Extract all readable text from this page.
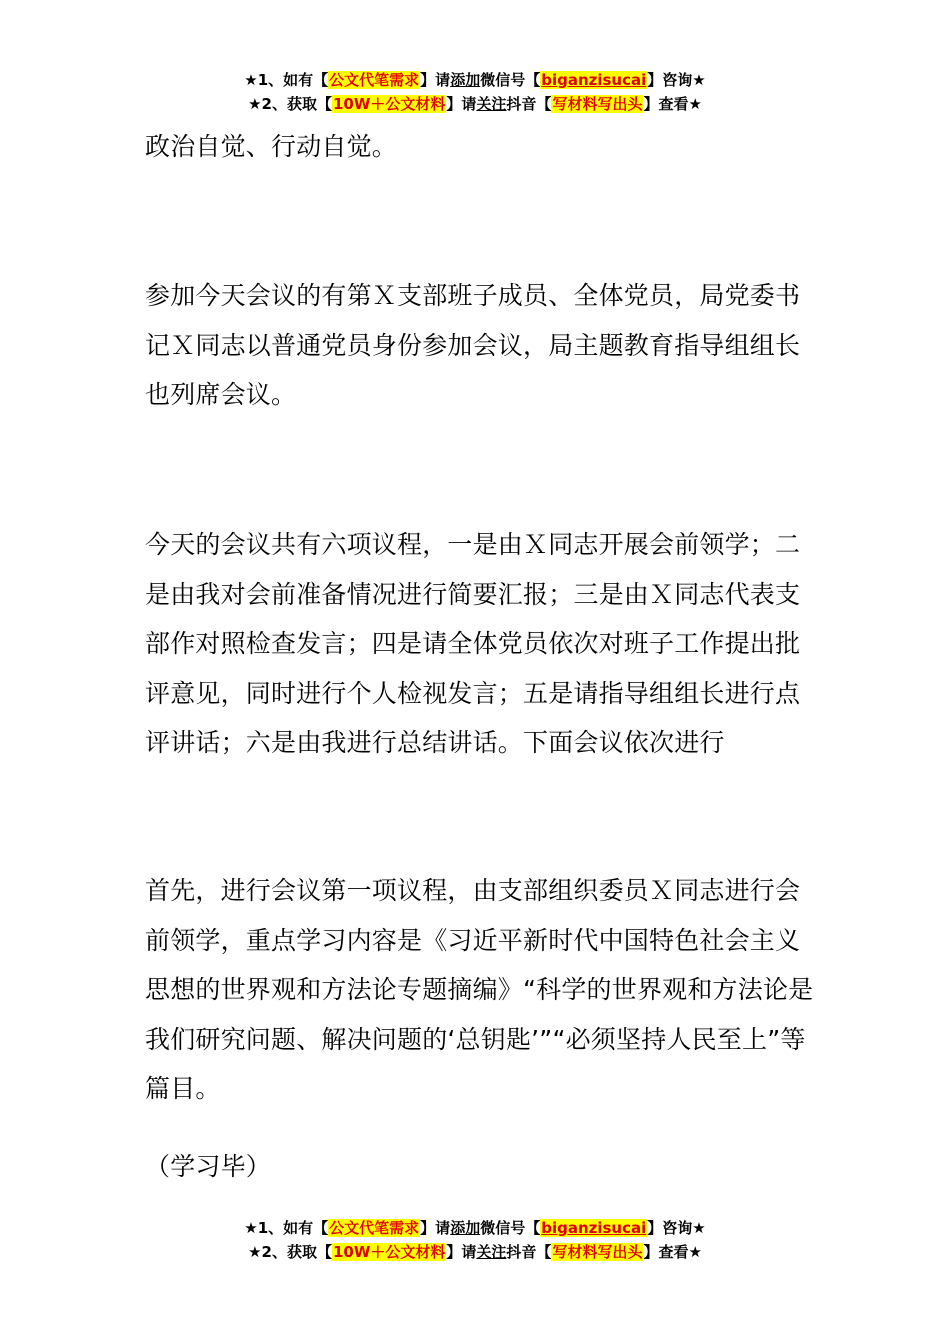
★1、如有【公文代笔需求】请添加微信号【biganzisucai】咨询★
★2、获取【10W＋公文材料】请关注抖音【写材料写出头】查看★

政治自觉、行动自觉。

参加今天会议的有第Ｘ支部班子成员、全体党员，局党委书记Ｘ同志以普通党员身份参加会议，局主题教育指导组组长也列席会议。

今天的会议共有六项议程，一是由Ｘ同志开展会前领学；二是由我对会前准备情况进行简要汇报；三是由Ｘ同志代表支部作对照检查发言；四是请全体党员依次对班子工作提出批评意见，同时进行个人检视发言；五是请指导组组长进行点评讲话；六是由我进行总结讲话。下面会议依次进行

首先，进行会议第一项议程，由支部组织委员Ｘ同志进行会前领学，重点学习内容是《习近平新时代中国特色社会主义思想的世界观和方法论专题摘编》“科学的世界观和方法论是我们研究问题、解决问题的‘总钥匙’”“必须坚持人民至上”等篇目。

（学习毕）

★1、如有【公文代笔需求】请添加微信号【biganzisucai】咨询★
★2、获取【10W＋公文材料】请关注抖音【写材料写出头】查看★
